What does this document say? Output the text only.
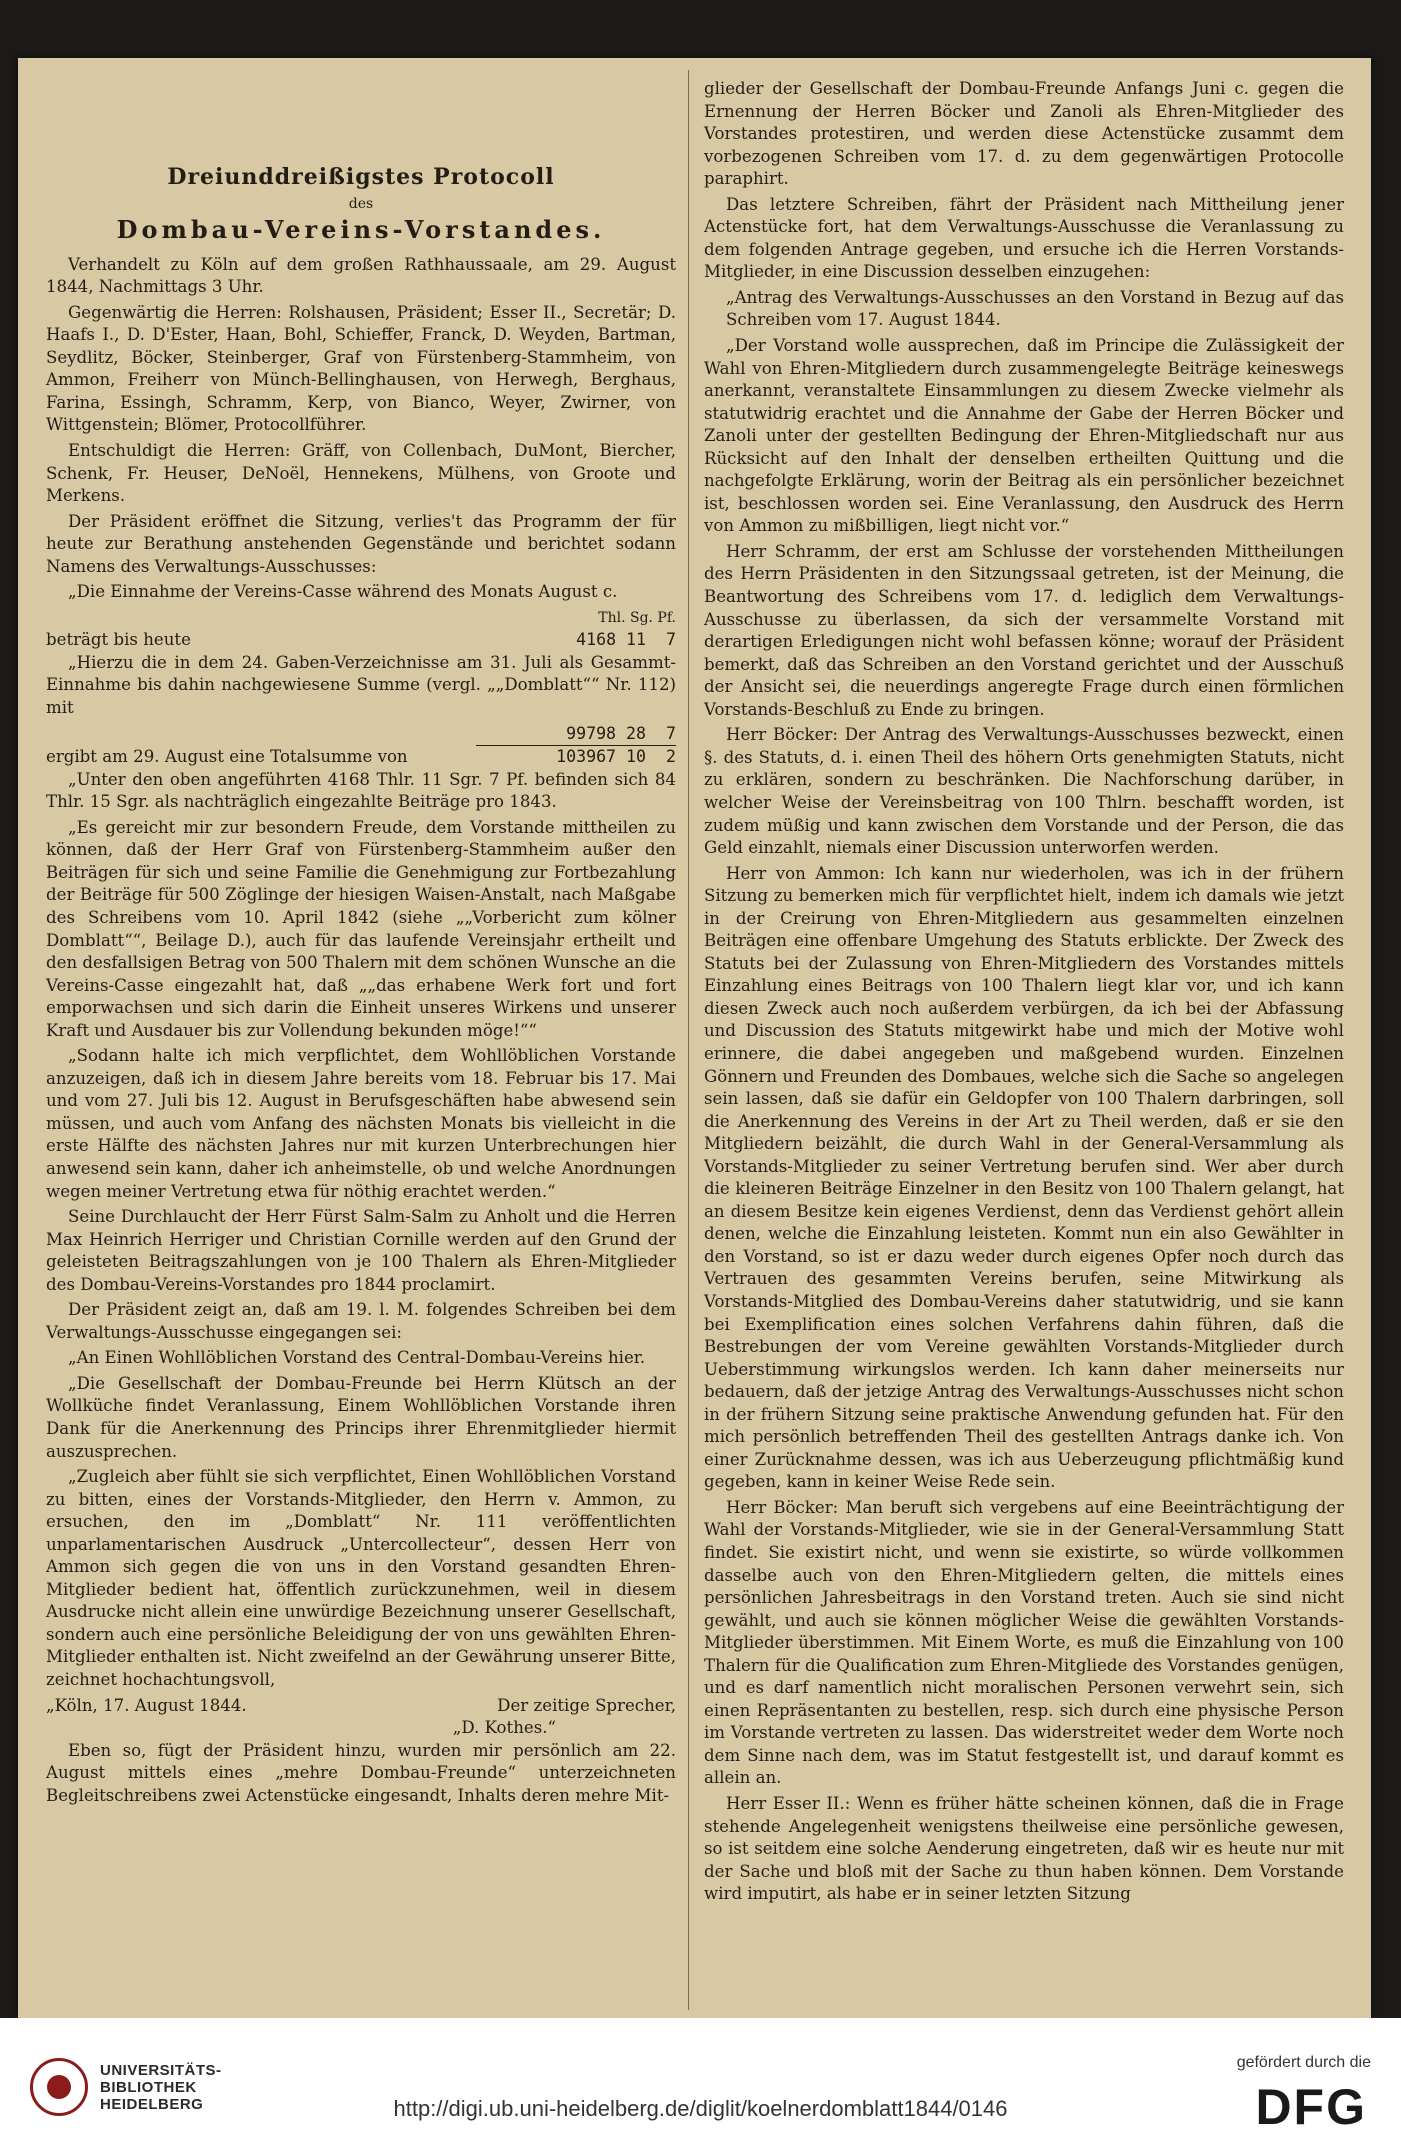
Dreiunddreißigstes Protocoll
des
Dombau-Vereins-Vorstandes.

Verhandelt zu Köln auf dem großen Rathhaussaale, am 29. August 1844, Nachmittags 3 Uhr.

Gegenwärtig die Herren: Rolshausen, Präsident; Esser II., Secretär; D. Haafs I., D. D'Ester, Haan, Bohl, Schieffer, Franck, D. Weyden, Bartman, Seydlitz, Böcker, Steinberger, Graf von Fürstenberg-Stammheim, von Ammon, Freiherr von Münch-Bellinghausen, von Herwegh, Berghaus, Farina, Essingh, Schramm, Kerp, von Bianco, Weyer, Zwirner, von Wittgenstein; Blömer, Protocollführer.

Entschuldigt die Herren: Gräff, von Collenbach, DuMont, Biercher, Schenk, Fr. Heuser, DeNoël, Hennekens, Mülhens, von Groote und Merkens.

Der Präsident eröffnet die Sitzung, verlies't das Programm der für heute zur Berathung anstehenden Gegenstände und berichtet sodann Namens des Verwaltungs-Ausschusses:

„Die Einnahme der Vereins-Casse während des Monats August c.

Thl. Sg. Pf.
beträgt bis heute	4168 11  7

„Hierzu die in dem 24. Gaben-Verzeichnisse am 31. Juli als Gesammt-Einnahme bis dahin nachgewiesene Summe (vergl. „„Domblatt““ Nr. 112) mit

99798 28  7
ergibt am 29. August eine Totalsumme von	103967 10  2

„Unter den oben angeführten 4168 Thlr. 11 Sgr. 7 Pf. befinden sich 84 Thlr. 15 Sgr. als nachträglich eingezahlte Beiträge pro 1843.

„Es gereicht mir zur besondern Freude, dem Vorstande mittheilen zu können, daß der Herr Graf von Fürstenberg-Stammheim außer den Beiträgen für sich und seine Familie die Genehmigung zur Fortbezahlung der Beiträge für 500 Zöglinge der hiesigen Waisen-Anstalt, nach Maßgabe des Schreibens vom 10. April 1842 (siehe „„Vorbericht zum kölner Domblatt““, Beilage D.), auch für das laufende Vereinsjahr ertheilt und den desfallsigen Betrag von 500 Thalern mit dem schönen Wunsche an die Vereins-Casse eingezahlt hat, daß „„das erhabene Werk fort und fort emporwachsen und sich darin die Einheit unseres Wirkens und unserer Kraft und Ausdauer bis zur Vollendung bekunden möge!““

„Sodann halte ich mich verpflichtet, dem Wohllöblichen Vorstande anzuzeigen, daß ich in diesem Jahre bereits vom 18. Februar bis 17. Mai und vom 27. Juli bis 12. August in Berufsgeschäften habe abwesend sein müssen, und auch vom Anfang des nächsten Monats bis vielleicht in die erste Hälfte des nächsten Jahres nur mit kurzen Unterbrechungen hier anwesend sein kann, daher ich anheimstelle, ob und welche Anordnungen wegen meiner Vertretung etwa für nöthig erachtet werden.“

Seine Durchlaucht der Herr Fürst Salm-Salm zu Anholt und die Herren Max Heinrich Herriger und Christian Cornille werden auf den Grund der geleisteten Beitragszahlungen von je 100 Thalern als Ehren-Mitglieder des Dombau-Vereins-Vorstandes pro 1844 proclamirt.

Der Präsident zeigt an, daß am 19. l. M. folgendes Schreiben bei dem Verwaltungs-Ausschusse eingegangen sei:

„An Einen Wohllöblichen Vorstand des Central-Dombau-Vereins hier.

„Die Gesellschaft der Dombau-Freunde bei Herrn Klütsch an der Wollküche findet Veranlassung, Einem Wohllöblichen Vorstande ihren Dank für die Anerkennung des Princips ihrer Ehrenmitglieder hiermit auszusprechen.

„Zugleich aber fühlt sie sich verpflichtet, Einen Wohllöblichen Vorstand zu bitten, eines der Vorstands-Mitglieder, den Herrn v. Ammon, zu ersuchen, den im „Domblatt“ Nr. 111 veröffentlichten unparlamentarischen Ausdruck „Untercollecteur“, dessen Herr von Ammon sich gegen die von uns in den Vorstand gesandten Ehren-Mitglieder bedient hat, öffentlich zurückzunehmen, weil in diesem Ausdrucke nicht allein eine unwürdige Bezeichnung unserer Gesellschaft, sondern auch eine persönliche Beleidigung der von uns gewählten Ehren-Mitglieder enthalten ist. Nicht zweifelnd an der Gewährung unserer Bitte, zeichnet hochachtungsvoll,

„Köln, 17. August 1844.	Der zeitige Sprecher,
„D. Kothes.“

Eben so, fügt der Präsident hinzu, wurden mir persönlich am 22. August mittels eines „mehre Dombau-Freunde“ unterzeichneten Begleitschreibens zwei Actenstücke eingesandt, Inhalts deren mehre Mit-

glieder der Gesellschaft der Dombau-Freunde Anfangs Juni c. gegen die Ernennung der Herren Böcker und Zanoli als Ehren-Mitglieder des Vorstandes protestiren, und werden diese Actenstücke zusammt dem vorbezogenen Schreiben vom 17. d. zu dem gegenwärtigen Protocolle paraphirt.

Das letztere Schreiben, fährt der Präsident nach Mittheilung jener Actenstücke fort, hat dem Verwaltungs-Ausschusse die Veranlassung zu dem folgenden Antrage gegeben, und ersuche ich die Herren Vorstands-Mitglieder, in eine Discussion desselben einzugehen:

„Antrag des Verwaltungs-Ausschusses an den Vorstand in Bezug auf das Schreiben vom 17. August 1844.

„Der Vorstand wolle aussprechen, daß im Principe die Zulässigkeit der Wahl von Ehren-Mitgliedern durch zusammengelegte Beiträge keineswegs anerkannt, veranstaltete Einsammlungen zu diesem Zwecke vielmehr als statutwidrig erachtet und die Annahme der Gabe der Herren Böcker und Zanoli unter der gestellten Bedingung der Ehren-Mitgliedschaft nur aus Rücksicht auf den Inhalt der denselben ertheilten Quittung und die nachgefolgte Erklärung, worin der Beitrag als ein persönlicher bezeichnet ist, beschlossen worden sei. Eine Veranlassung, den Ausdruck des Herrn von Ammon zu mißbilligen, liegt nicht vor.“

Herr Schramm, der erst am Schlusse der vorstehenden Mittheilungen des Herrn Präsidenten in den Sitzungssaal getreten, ist der Meinung, die Beantwortung des Schreibens vom 17. d. lediglich dem Verwaltungs-Ausschusse zu überlassen, da sich der versammelte Vorstand mit derartigen Erledigungen nicht wohl befassen könne; worauf der Präsident bemerkt, daß das Schreiben an den Vorstand gerichtet und der Ausschuß der Ansicht sei, die neuerdings angeregte Frage durch einen förmlichen Vorstands-Beschluß zu Ende zu bringen.

Herr Böcker: Der Antrag des Verwaltungs-Ausschusses bezweckt, einen §. des Statuts, d. i. einen Theil des höhern Orts genehmigten Statuts, nicht zu erklären, sondern zu beschränken. Die Nachforschung darüber, in welcher Weise der Vereinsbeitrag von 100 Thlrn. beschafft worden, ist zudem müßig und kann zwischen dem Vorstande und der Person, die das Geld einzahlt, niemals einer Discussion unterworfen werden.

Herr von Ammon: Ich kann nur wiederholen, was ich in der frühern Sitzung zu bemerken mich für verpflichtet hielt, indem ich damals wie jetzt in der Creirung von Ehren-Mitgliedern aus gesammelten einzelnen Beiträgen eine offenbare Umgehung des Statuts erblickte. Der Zweck des Statuts bei der Zulassung von Ehren-Mitgliedern des Vorstandes mittels Einzahlung eines Beitrags von 100 Thalern liegt klar vor, und ich kann diesen Zweck auch noch außerdem verbürgen, da ich bei der Abfassung und Discussion des Statuts mitgewirkt habe und mich der Motive wohl erinnere, die dabei angegeben und maßgebend wurden. Einzelnen Gönnern und Freunden des Dombaues, welche sich die Sache so angelegen sein lassen, daß sie dafür ein Geldopfer von 100 Thalern darbringen, soll die Anerkennung des Vereins in der Art zu Theil werden, daß er sie den Mitgliedern beizählt, die durch Wahl in der General-Versammlung als Vorstands-Mitglieder zu seiner Vertretung berufen sind. Wer aber durch die kleineren Beiträge Einzelner in den Besitz von 100 Thalern gelangt, hat an diesem Besitze kein eigenes Verdienst, denn das Verdienst gehört allein denen, welche die Einzahlung leisteten. Kommt nun ein also Gewählter in den Vorstand, so ist er dazu weder durch eigenes Opfer noch durch das Vertrauen des gesammten Vereins berufen, seine Mitwirkung als Vorstands-Mitglied des Dombau-Vereins daher statutwidrig, und sie kann bei Exemplification eines solchen Verfahrens dahin führen, daß die Bestrebungen der vom Vereine gewählten Vorstands-Mitglieder durch Ueberstimmung wirkungslos werden. Ich kann daher meinerseits nur bedauern, daß der jetzige Antrag des Verwaltungs-Ausschusses nicht schon in der frühern Sitzung seine praktische Anwendung gefunden hat. Für den mich persönlich betreffenden Theil des gestellten Antrags danke ich. Von einer Zurücknahme dessen, was ich aus Ueberzeugung pflichtmäßig kund gegeben, kann in keiner Weise Rede sein.

Herr Böcker: Man beruft sich vergebens auf eine Beeinträchtigung der Wahl der Vorstands-Mitglieder, wie sie in der General-Versammlung Statt findet. Sie existirt nicht, und wenn sie existirte, so würde vollkommen dasselbe auch von den Ehren-Mitgliedern gelten, die mittels eines persönlichen Jahresbeitrags in den Vorstand treten. Auch sie sind nicht gewählt, und auch sie können möglicher Weise die gewählten Vorstands-Mitglieder überstimmen. Mit Einem Worte, es muß die Einzahlung von 100 Thalern für die Qualification zum Ehren-Mitgliede des Vorstandes genügen, und es darf namentlich nicht moralischen Personen verwehrt sein, sich einen Repräsentanten zu bestellen, resp. sich durch eine physische Person im Vorstande vertreten zu lassen. Das widerstreitet weder dem Worte noch dem Sinne nach dem, was im Statut festgestellt ist, und darauf kommt es allein an.

Herr Esser II.: Wenn es früher hätte scheinen können, daß die in Frage stehende Angelegenheit wenigstens theilweise eine persönliche gewesen, so ist seitdem eine solche Aenderung eingetreten, daß wir es heute nur mit der Sache und bloß mit der Sache zu thun haben können. Dem Vorstande wird imputirt, als habe er in seiner letzten Sitzung

UNIVERSITÄTS-
BIBLIOTHEK
HEIDELBERG	http://digi.ub.uni-heidelberg.de/diglit/koelnerdomblatt1844/0146
gefördert durch die
DFG
